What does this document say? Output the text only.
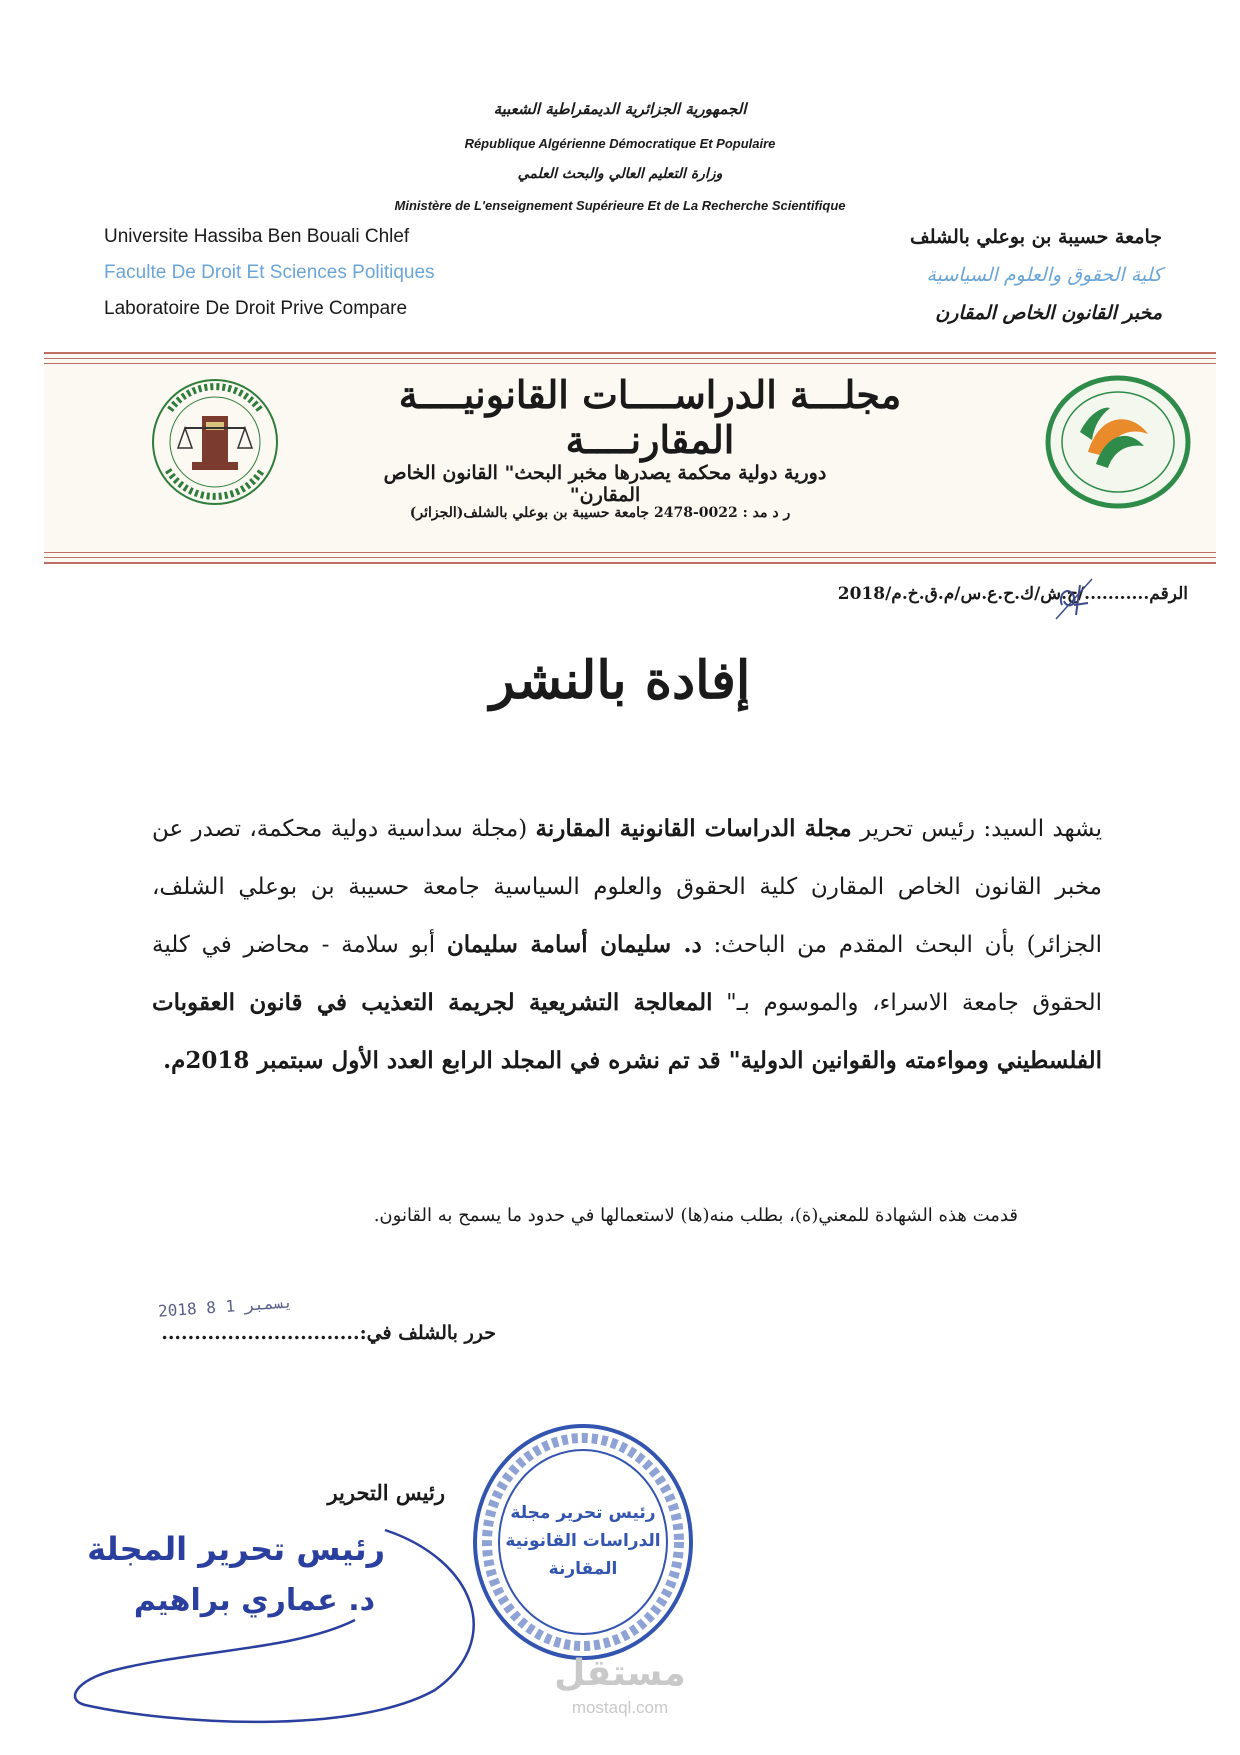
الجمهورية الجزائرية الديمقراطية الشعبية
République Algérienne Démocratique Et Populaire
وزارة التعليم العالي والبحث العلمي
Ministère de L'enseignement Supérieure Et de La Recherche Scientifique
Universite Hassiba Ben Bouali Chlef
Faculte De Droit Et Sciences Politiques
Laboratoire De Droit Prive Compare
جامعة حسيبة بن بوعلي بالشلف
كلية الحقوق والعلوم السياسية
مخبر القانون الخاص المقارن
مجلـــة الدراســــات القانونيــــة المقارنــــة
دورية دولية محكمة يصدرها مخبر البحث" القانون الخاص المقارن"
ر د مد : 0022-2478 جامعة حسيبة بن بوعلي بالشلف(الجزائر)
الرقم.........../ج.ش/ك.ح.ع.س/م.ق.خ.م/2018
إفادة بالنشر
يشهد السيد: رئيس تحرير مجلة الدراسات القانونية المقارنة (مجلة سداسية دولية محكمة، تصدر عن مخبر القانون الخاص المقارن كلية الحقوق والعلوم السياسية جامعة حسيبة بن بوعلي الشلف، الجزائر) بأن البحث المقدم من الباحث: د. سليمان أسامة سليمان أبو سلامة - محاضر في كلية الحقوق جامعة الاسراء، والموسوم بـ" المعالجة التشريعية لجريمة التعذيب في قانون العقوبات الفلسطيني ومواءمته والقوانين الدولية" قد تم نشره في المجلد الرابع العدد الأول سبتمبر 2018م.
قدمت هذه الشهادة للمعني(ة)، بطلب منه(ها) لاستعمالها في حدود ما يسمح به القانون.
حرر بالشلف في:..............................
2018 يسمبر 1 8
رئيس التحرير
رئيس تحرير مجلة
الدراسات القانونية
المقارنة
رئيس تحرير المجلة
د. عماري براهيم
مستقل
mostaql.com
